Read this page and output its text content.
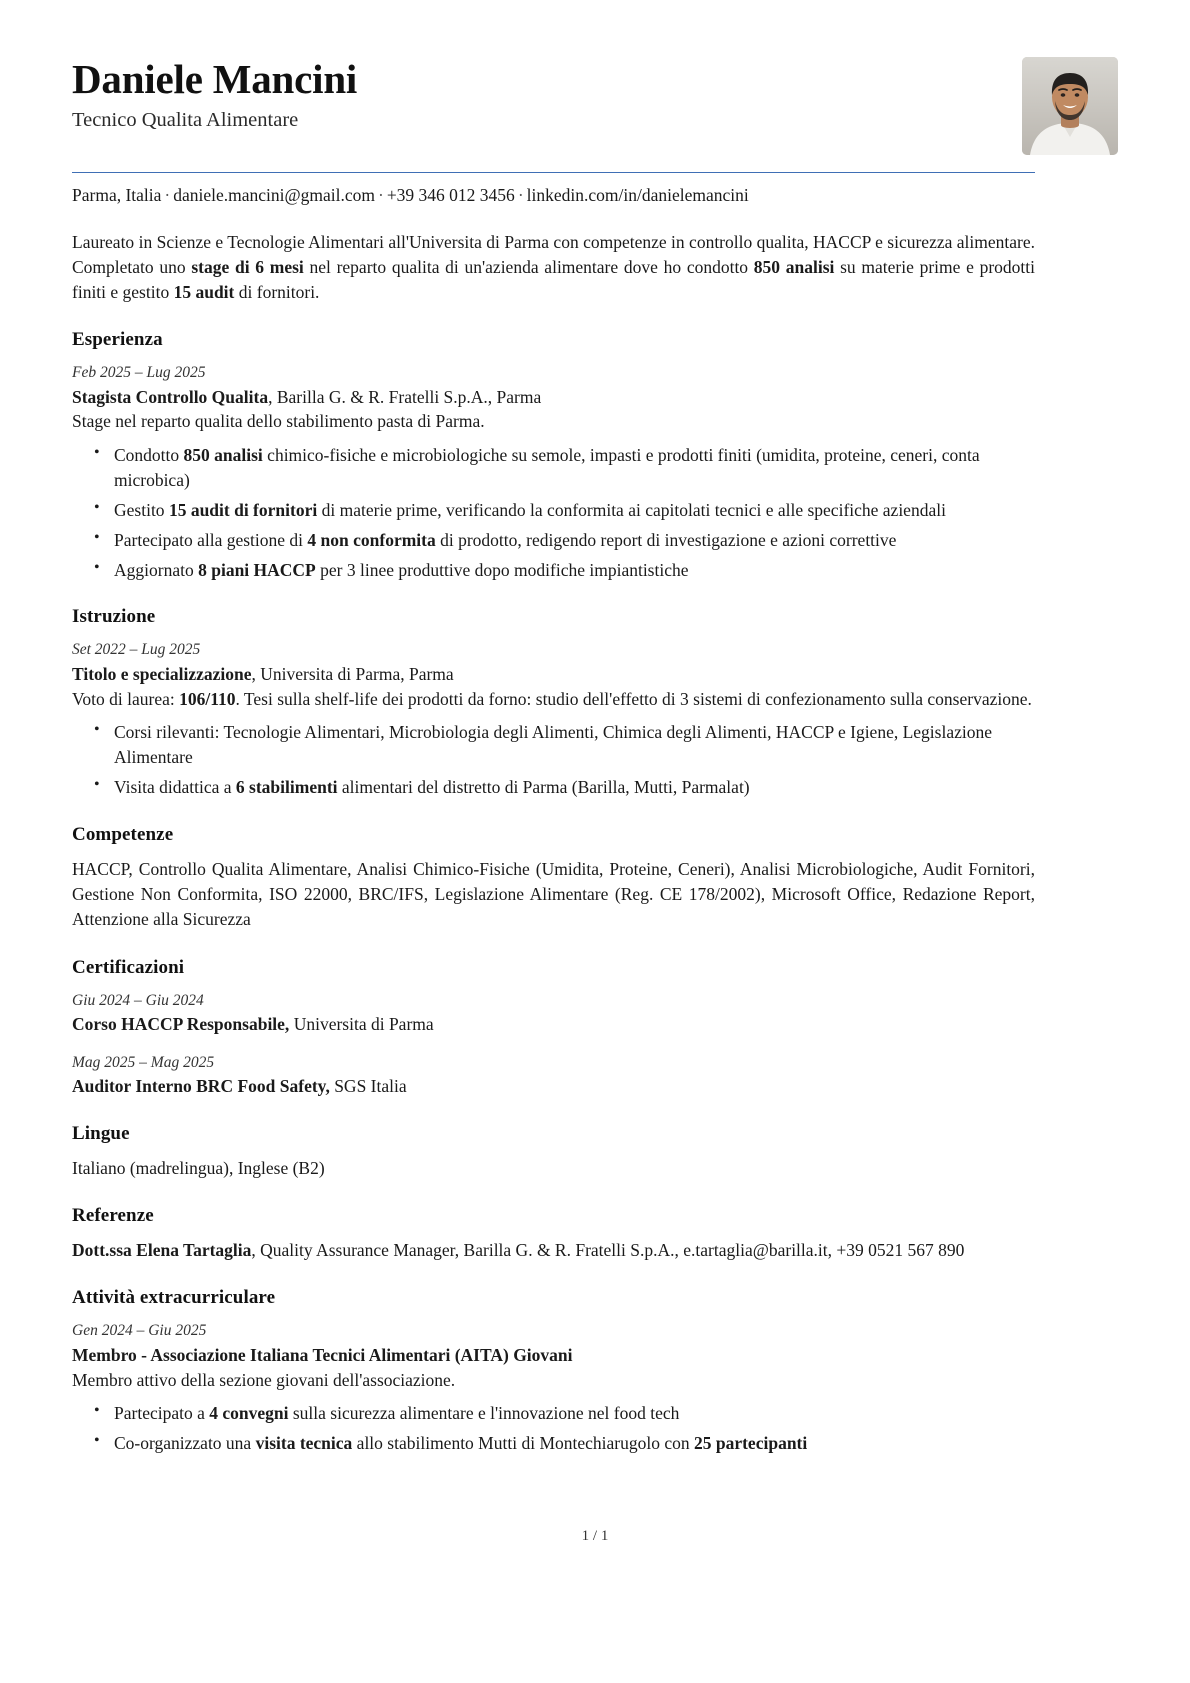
Daniele Mancini
Tecnico Qualita Alimentare
Parma, Italia · daniele.mancini@gmail.com · +39 346 012 3456 · linkedin.com/in/danielemancini

Laureato in Scienze e Tecnologie Alimentari all'Universita di Parma con competenze in controllo qualita, HACCP e sicurezza alimentare. Completato uno stage di 6 mesi nel reparto qualita di un'azienda alimentare dove ho condotto 850 analisi su materie prime e prodotti finiti e gestito 15 audit di fornitori.

Esperienza
Feb 2025 – Lug 2025
Stagista Controllo Qualita, Barilla G. & R. Fratelli S.p.A., Parma
Stage nel reparto qualita dello stabilimento pasta di Parma.
• Condotto 850 analisi chimico-fisiche e microbiologiche su semole, impasti e prodotti finiti (umidita, proteine, ceneri, conta microbica)
• Gestito 15 audit di fornitori di materie prime, verificando la conformita ai capitolati tecnici e alle specifiche aziendali
• Partecipato alla gestione di 4 non conformita di prodotto, redigendo report di investigazione e azioni correttive
• Aggiornato 8 piani HACCP per 3 linee produttive dopo modifiche impiantistiche
Istruzione
Set 2022 – Lug 2025
Titolo e specializzazione, Universita di Parma, Parma
Voto di laurea: 106/110. Tesi sulla shelf-life dei prodotti da forno: studio dell'effetto di 3 sistemi di confezionamento sulla conservazione.
• Corsi rilevanti: Tecnologie Alimentari, Microbiologia degli Alimenti, Chimica degli Alimenti, HACCP e Igiene, Legislazione Alimentare
• Visita didattica a 6 stabilimenti alimentari del distretto di Parma (Barilla, Mutti, Parmalat)
Competenze
HACCP, Controllo Qualita Alimentare, Analisi Chimico-Fisiche (Umidita, Proteine, Ceneri), Analisi Microbiologiche, Audit Fornitori, Gestione Non Conformita, ISO 22000, BRC/IFS, Legislazione Alimentare (Reg. CE 178/2002), Microsoft Office, Redazione Report, Attenzione alla Sicurezza
Certificazioni
Giu 2024 – Giu 2024
Corso HACCP Responsabile, Universita di Parma
Mag 2025 – Mag 2025
Auditor Interno BRC Food Safety, SGS Italia
Lingue
Italiano (madrelingua), Inglese (B2)
Referenze
Dott.ssa Elena Tartaglia, Quality Assurance Manager, Barilla G. & R. Fratelli S.p.A., e.tartaglia@barilla.it, +39 0521 567 890
Attività extracurriculare
Gen 2024 – Giu 2025
Membro - Associazione Italiana Tecnici Alimentari (AITA) Giovani
Membro attivo della sezione giovani dell'associazione.
• Partecipato a 4 convegni sulla sicurezza alimentare e l'innovazione nel food tech
• Co-organizzato una visita tecnica allo stabilimento Mutti di Montechiarugolo con 25 partecipanti
1 / 1
